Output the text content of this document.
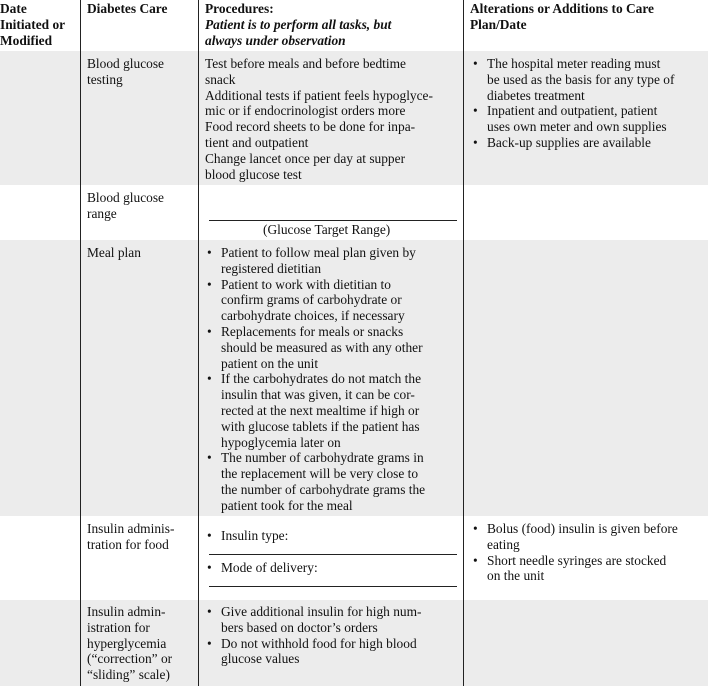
Date
Initiated or
Modified
Diabetes Care	Procedures:
Patient is to perform all tasks, but
always under observation
Alterations or Additions to Care
Plan/Date
Blood glucose
testing
Test before meals and before bedtime
snack
Additional tests if patient feels hypoglyce-
mic or if endocrinologist orders more
Food record sheets to be done for inpa-
tient and outpatient
Change lancet once per day at supper
blood glucose test
• The hospital meter reading must
be used as the basis for any type of
diabetes treatment
• Inpatient and outpatient, patient
uses own meter and own supplies
• Back-up supplies are available
Blood glucose
range
(Glucose Target Range)
Meal plan	• Patient to follow meal plan given by
registered dietitian
• Patient to work with dietitian to
confirm grams of carbohydrate or
carbohydrate choices, if necessary
• Replacements for meals or snacks
should be measured as with any other
patient on the unit
• If the carbohydrates do not match the
insulin that was given, it can be cor-
rected at the next mealtime if high or
with glucose tablets if the patient has
hypoglycemia later on
• The number of carbohydrate grams in
the replacement will be very close to
the number of carbohydrate grams the
patient took for the meal
Insulin adminis-
tration for food
• Insulin type:
• Mode of delivery:
• Bolus (food) insulin is given before
eating
• Short needle syringes are stocked
on the unit
Insulin admin-
istration for
hyperglycemia
(“correction” or
“sliding” scale)
• Give additional insulin for high num-
bers based on doctor’s orders
• Do not withhold food for high blood
glucose values
